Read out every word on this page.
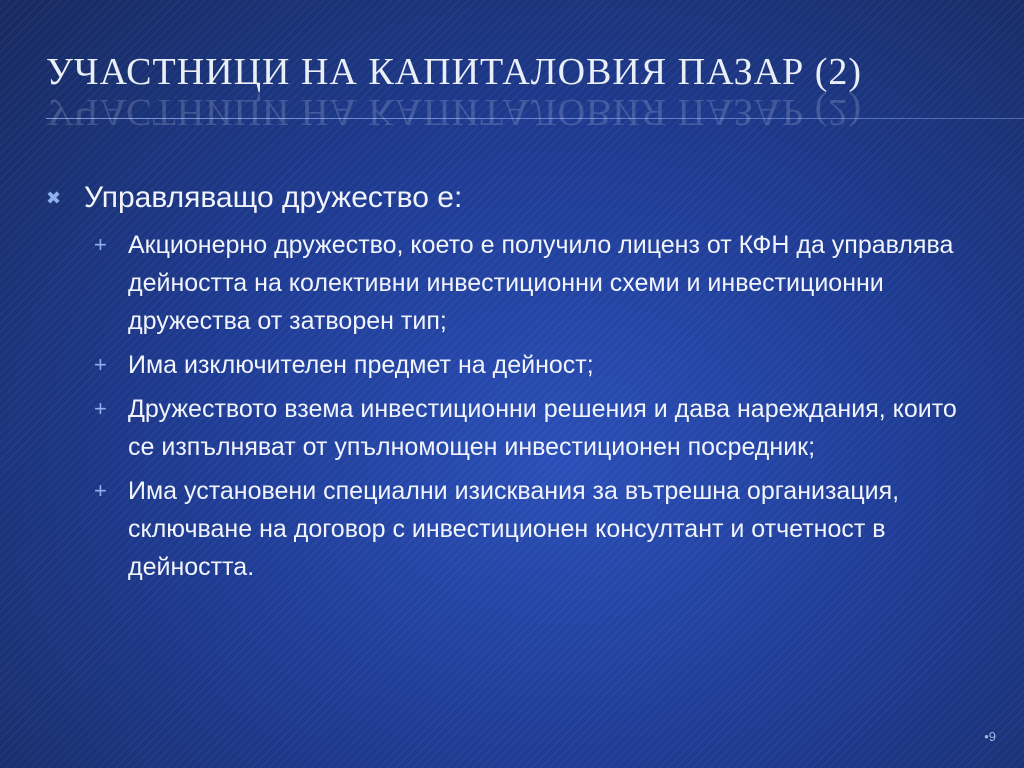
УЧАСТНИЦИ НА КАПИТАЛОВИЯ ПАЗАР (2)
УЧАСТНИЦИ НА КАПИТАЛОВИЯ ПАЗАР (2)
✖ Управляващо дружество е:
+ Акционерно дружество, което е получило лиценз от КФН да управлява дейността на колективни инвестиционни схеми и инвестиционни дружества от затворен тип;
+ Има изключителен предмет на дейност;
+ Дружеството взема инвестиционни решения и дава нареждания, които се изпълняват от упълномощен инвестиционен посредник;
+ Има установени специални изисквания за вътрешна организация, сключване на договор с инвестиционен консултант и отчетност в дейността.
•9
